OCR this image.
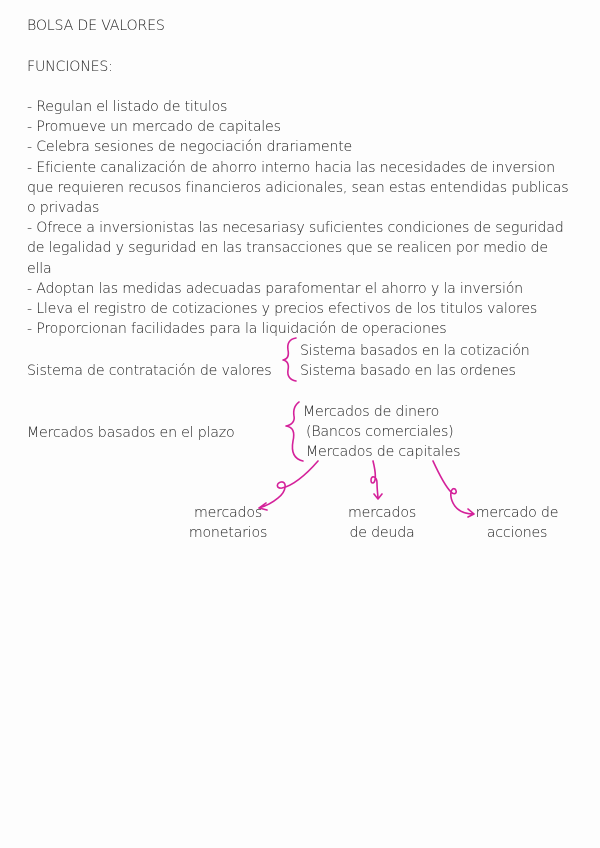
BOLSA DE VALORES
FUNCIONES:
- Regulan el listado de titulos
- Promueve un mercado de capitales
- Celebra sesiones de negociación drariamente
- Eficiente canalización de ahorro interno hacia las necesidades de inversion que requieren recusos financieros adicionales, sean estas entendidas publicas o privadas
- Ofrece a inversionistas las necesariasy suficientes condiciones de seguridad de legalidad y seguridad en las transacciones que se realicen por medio de ella
- Adoptan las medidas adecuadas parafomentar el ahorro y la inversión
- Lleva el registro de cotizaciones y precios efectivos de los titulos valores
- Proporcionan facilidades para la liquidación de operaciones
Sistema de contratación de valores
Sistema basados en la cotización
Sistema basado en las ordenes
Mercados basados en el plazo
Mercados de dinero
(Bancos comerciales)
Mercados de capitales
mercados
monetarios
mercados
de deuda
mercado de
acciones
